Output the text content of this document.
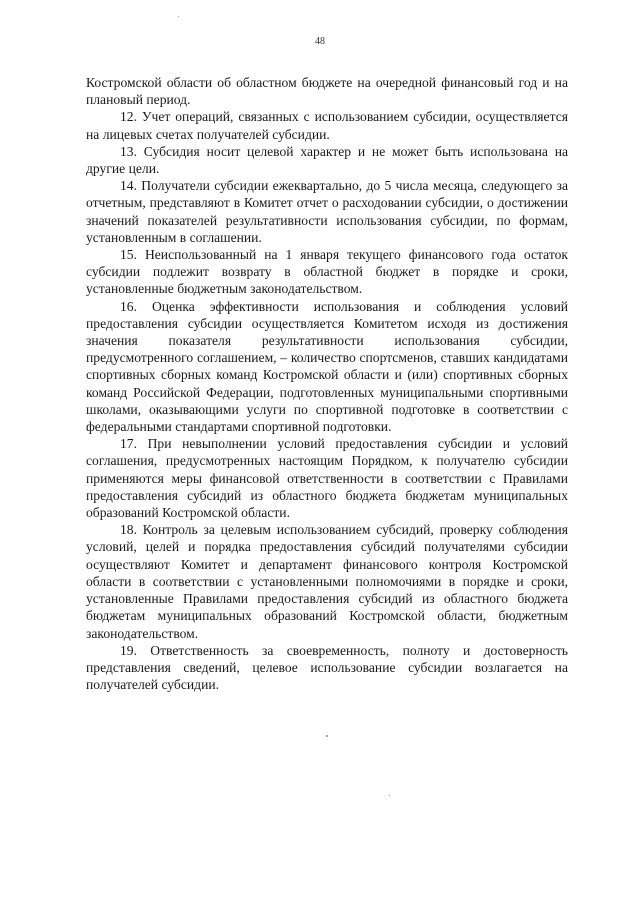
48

Костромской области об областном бюджете на очередной финансовый год и на плановый период.

12. Учет операций, связанных с использованием субсидии, осуществляется на лицевых счетах получателей субсидии.

13. Субсидия носит целевой характер и не может быть использована на другие цели.

14. Получатели субсидии ежеквартально, до 5 числа месяца, следующего за отчетным, представляют в Комитет отчет о расходовании субсидии, о достижении значений показателей результативности использования субсидии, по формам, установленным в соглашении.

15. Неиспользованный на 1 января текущего финансового года остаток субсидии подлежит возврату в областной бюджет в порядке и сроки, установленные бюджетным законодательством.

16. Оценка эффективности использования и соблюдения условий предоставления субсидии осуществляется Комитетом исходя из достижения значения показателя результативности использования субсидии, предусмотренного соглашением, – количество спортсменов, ставших кандидатами спортивных сборных команд Костромской области и (или) спортивных сборных команд Российской Федерации, подготовленных муниципальными спортивными школами, оказывающими услуги по спортивной подготовке в соответствии с федеральными стандартами спортивной подготовки.

17. При невыполнении условий предоставления субсидии и условий соглашения, предусмотренных настоящим Порядком, к получателю субсидии применяются меры финансовой ответственности в соответствии с Правилами предоставления субсидий из областного бюджета бюджетам муниципальных образований Костромской области.

18. Контроль за целевым использованием субсидий, проверку соблюдения условий, целей и порядка предоставления субсидий получателями субсидии осуществляют Комитет и департамент финансового контроля Костромской области в соответствии с установленными полномочиями в порядке и сроки, установленные Правилами предоставления субсидий из областного бюджета бюджетам муниципальных образований Костромской области, бюджетным законодательством.

19. Ответственность за своевременность, полноту и достоверность представления сведений, целевое использование субсидии возлагается на получателей субсидии.
